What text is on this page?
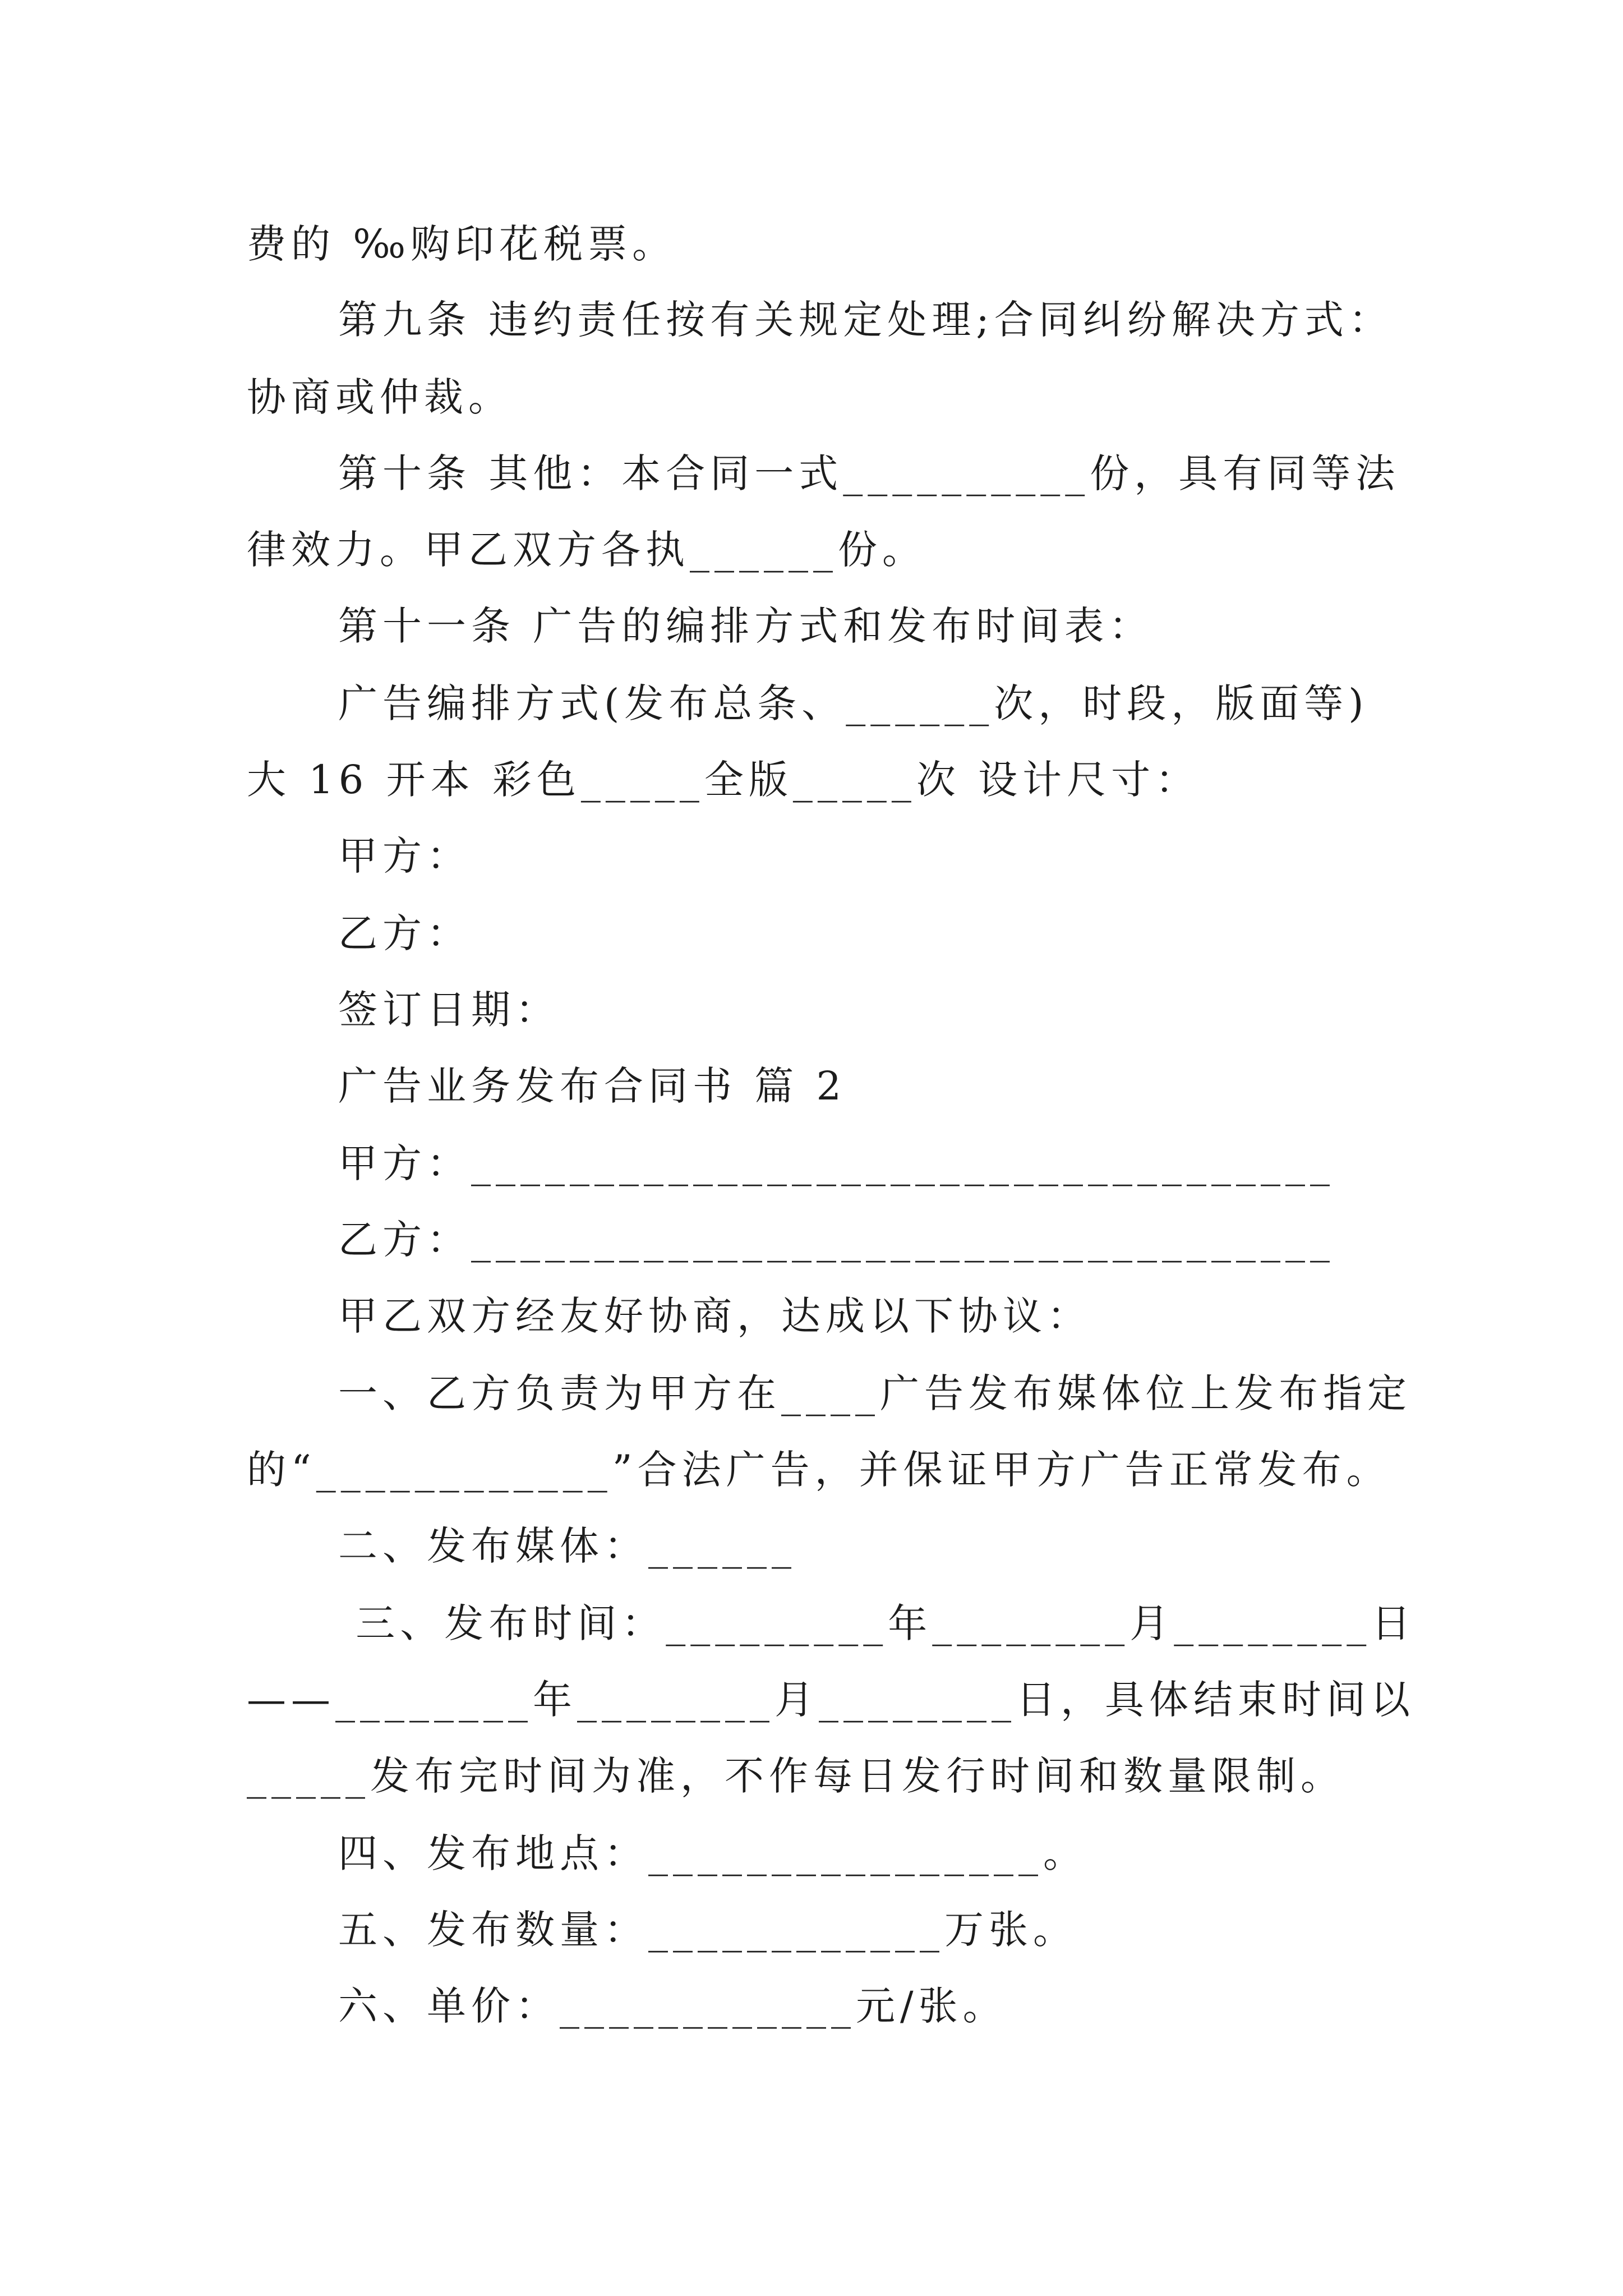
费的 ‰购印花税票。
第九条 违约责任按有关规定处理;合同纠纷解决方式：
协商或仲裁。
第十条 其他：本合同一式__________份，具有同等法
律效力。甲乙双方各执______份。
第十一条 广告的编排方式和发布时间表：
广告编排方式(发布总条、______次，时段，版面等)
大 16 开本 彩色_____全版_____次 设计尺寸：
甲方：
乙方：
签订日期：
广告业务发布合同书 篇 2
甲方：___________________________________
乙方：___________________________________
甲乙双方经友好协商，达成以下协议：
一、乙方负责为甲方在____广告发布媒体位上发布指定
的“____________”合法广告，并保证甲方广告正常发布。
二、发布媒体：______
三、发布时间：_________年________月________日
——________年________月________日，具体结束时间以
_____发布完时间为准，不作每日发行时间和数量限制。
四、发布地点：________________。
五、发布数量：____________万张。
六、单价：____________元/张。
